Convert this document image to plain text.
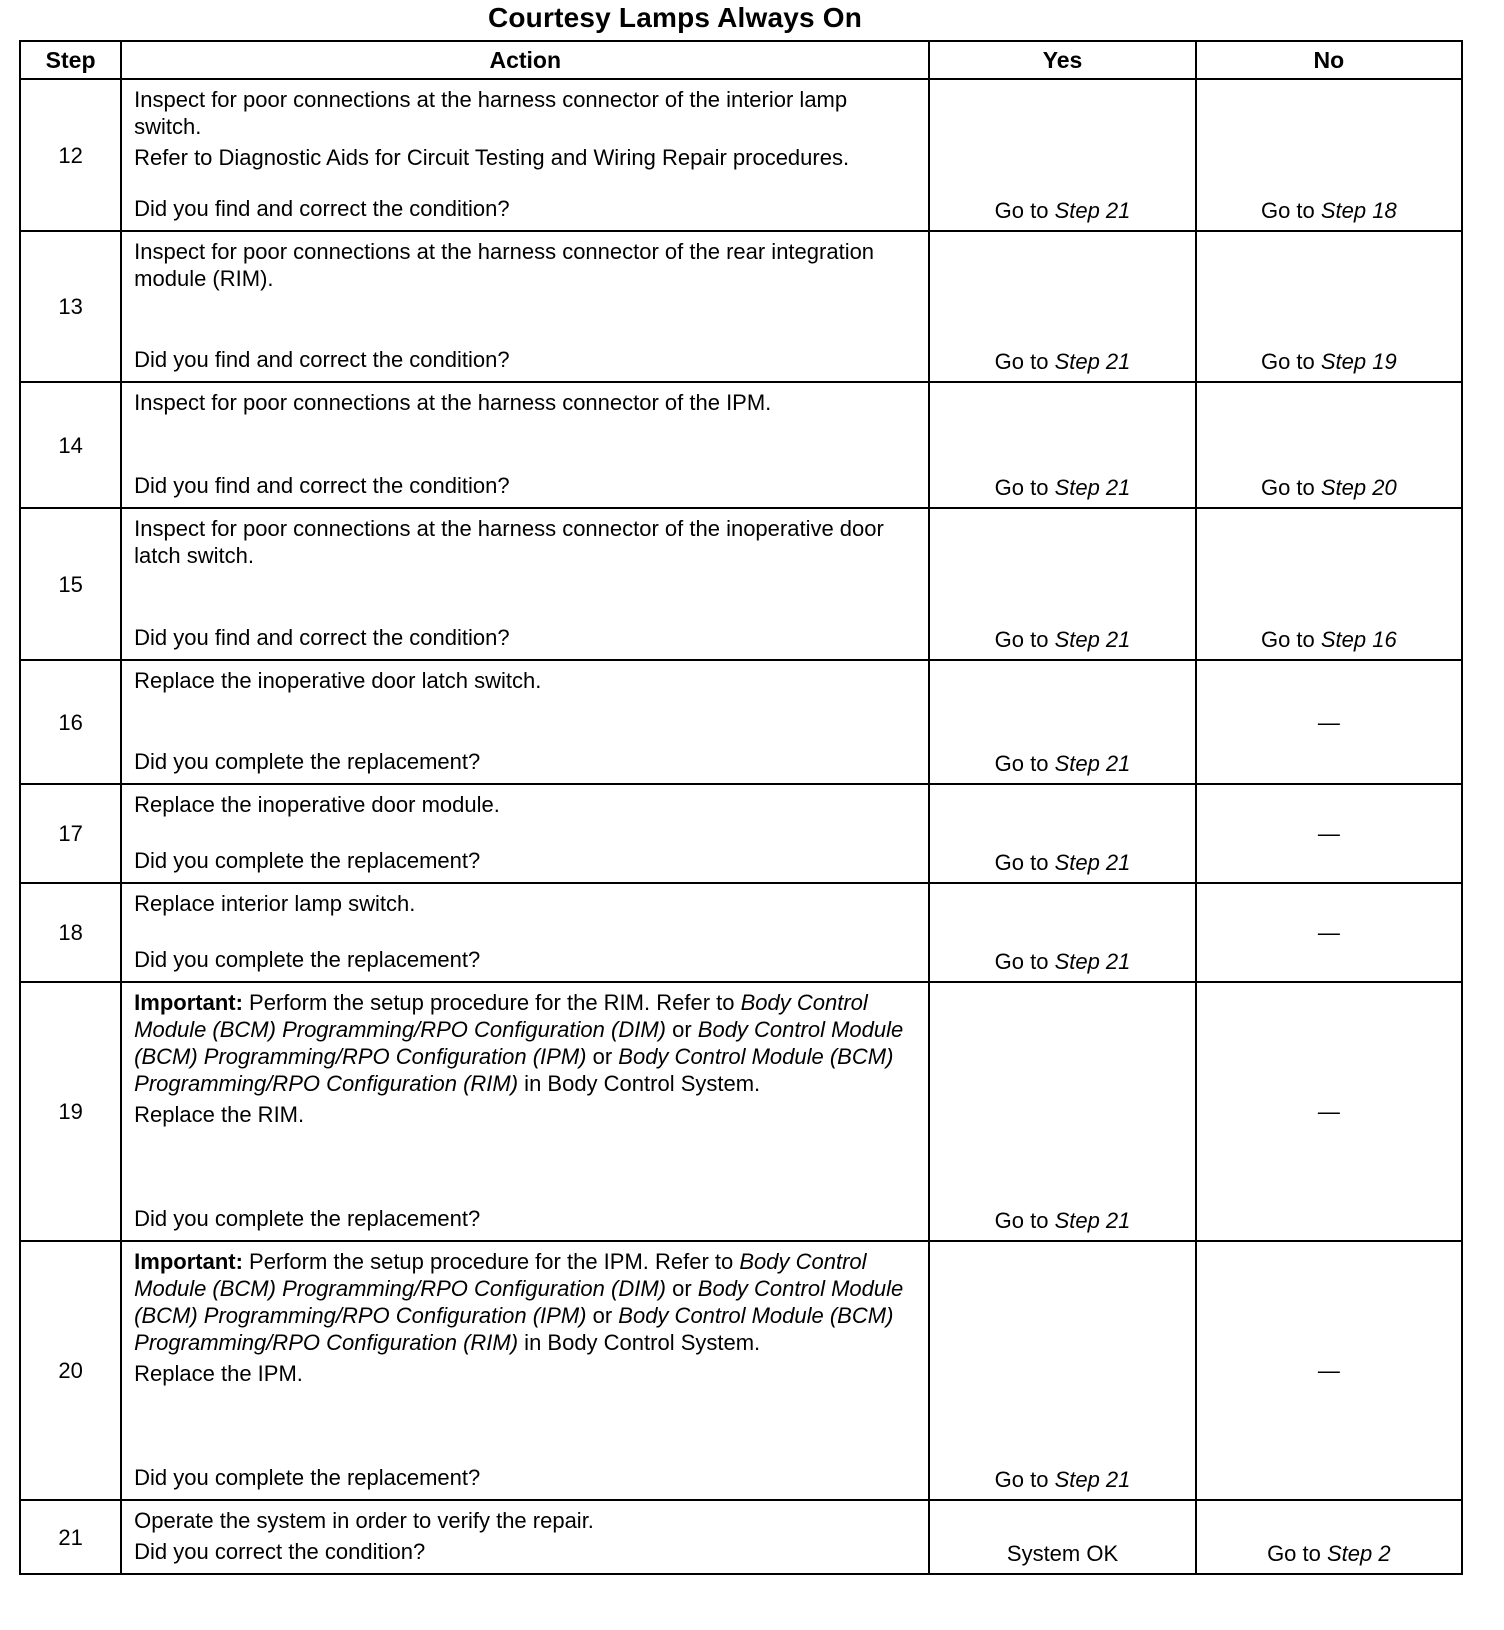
Courtesy Lamps Always On
Step	Action	Yes	No
12	Inspect for poor connections at the harness connector of the interior lamp switch.

Refer to Diagnostic Aids for Circuit Testing and Wiring Repair procedures.

Did you find and correct the condition?	Go to Step 21	Go to Step 18
13	Inspect for poor connections at the harness connector of the rear integration module (RIM).

Did you find and correct the condition?	Go to Step 21	Go to Step 19
14	Inspect for poor connections at the harness connector of the IPM.

Did you find and correct the condition?	Go to Step 21	Go to Step 20
15	Inspect for poor connections at the harness connector of the inoperative door latch switch.

Did you find and correct the condition?	Go to Step 21	Go to Step 16
16	Replace the inoperative door latch switch.

Did you complete the replacement?	Go to Step 21	—
17	Replace the inoperative door module.

Did you complete the replacement?	Go to Step 21	—
18	Replace interior lamp switch.

Did you complete the replacement?	Go to Step 21	—
19	Important: Perform the setup procedure for the RIM. Refer to Body Control Module (BCM) Programming/RPO Configuration (DIM) or Body Control Module (BCM) Programming/RPO Configuration (IPM) or Body Control Module (BCM) Programming/RPO Configuration (RIM) in Body Control System.

Replace the RIM.

Did you complete the replacement?	Go to Step 21	—
20	Important: Perform the setup procedure for the IPM. Refer to Body Control Module (BCM) Programming/RPO Configuration (DIM) or Body Control Module (BCM) Programming/RPO Configuration (IPM) or Body Control Module (BCM) Programming/RPO Configuration (RIM) in Body Control System.

Replace the IPM.

Did you complete the replacement?	Go to Step 21	—
21	Operate the system in order to verify the repair.

Did you correct the condition?	System OK	Go to Step 2
